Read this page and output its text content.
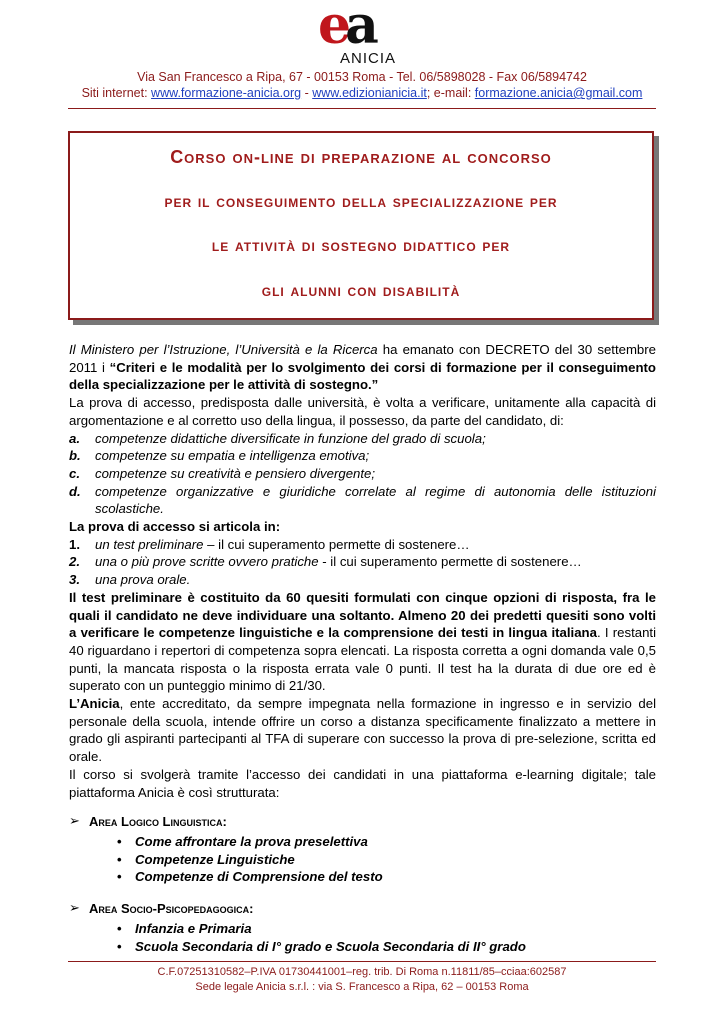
ea
ANICIA
Via San Francesco a Ripa, 67 - 00153 Roma - Tel. 06/5898028 - Fax 06/5894742
Siti internet: www.formazione-anicia.org - www.edizionianicia.it; e-mail: formazione.anicia@gmail.com
Corso on-line di preparazione al concorso
per il conseguimento della specializzazione per
le attività di sostegno didattico per
gli alunni con disabilità

Il Ministero per l’Istruzione, l’Università e la Ricerca ha emanato con DECRETO del 30 settembre 2011 i “Criteri e le modalità per lo svolgimento dei corsi di formazione per il conseguimento della specializzazione per le attività di sostegno.”

La prova di accesso, predisposta dalle università, è volta a verificare, unitamente alla capacità di argomentazione e al corretto uso della lingua, il possesso, da parte del candidato, di:

a. competenze didattiche diversificate in funzione del grado di scuola;
b. competenze su empatia e intelligenza emotiva;
c. competenze su creatività e pensiero divergente;
d. competenze organizzative e giuridiche correlate al regime di autonomia delle istituzioni scolastiche.

La prova di accesso si articola in:

1. un test preliminare – il cui superamento permette di sostenere…
2. una o più prove scritte ovvero pratiche - il cui superamento permette di sostenere…
3. una prova orale.

Il test preliminare è costituito da 60 quesiti formulati con cinque opzioni di risposta, fra le quali il candidato ne deve individuare una soltanto. Almeno 20 dei predetti quesiti sono volti a verificare le competenze linguistiche e la comprensione dei testi in lingua italiana. I restanti 40 riguardano i repertori di competenza sopra elencati. La risposta corretta a ogni domanda vale 0,5 punti, la mancata risposta o la risposta errata vale 0 punti. Il test ha la durata di due ore ed è superato con un punteggio minimo di 21/30.

L’Anicia, ente accreditato, da sempre impegnata nella formazione in ingresso e in servizio del personale della scuola, intende offrire un corso a distanza specificamente finalizzato a mettere in grado gli aspiranti partecipanti al TFA di superare con successo la prova di pre-selezione, scritta ed orale.

Il corso si svolgerà tramite l’accesso dei candidati in una piattaforma e-learning digitale; tale piattaforma Anicia è così strutturata:

➢ Area Logico Linguistica:
• Come affrontare la prova preselettiva
• Competenze Linguistiche
• Competenze di Comprensione del testo
➢ Area Socio-Psicopedagogica:
• Infanzia e Primaria
• Scuola Secondaria di I° grado e Scuola Secondaria di II° grado
C.F.07251310582–P.IVA 01730441001–reg. trib. Di Roma n.11811/85–cciaa:602587
Sede legale Anicia s.r.l. : via S. Francesco a Ripa, 62 – 00153 Roma
